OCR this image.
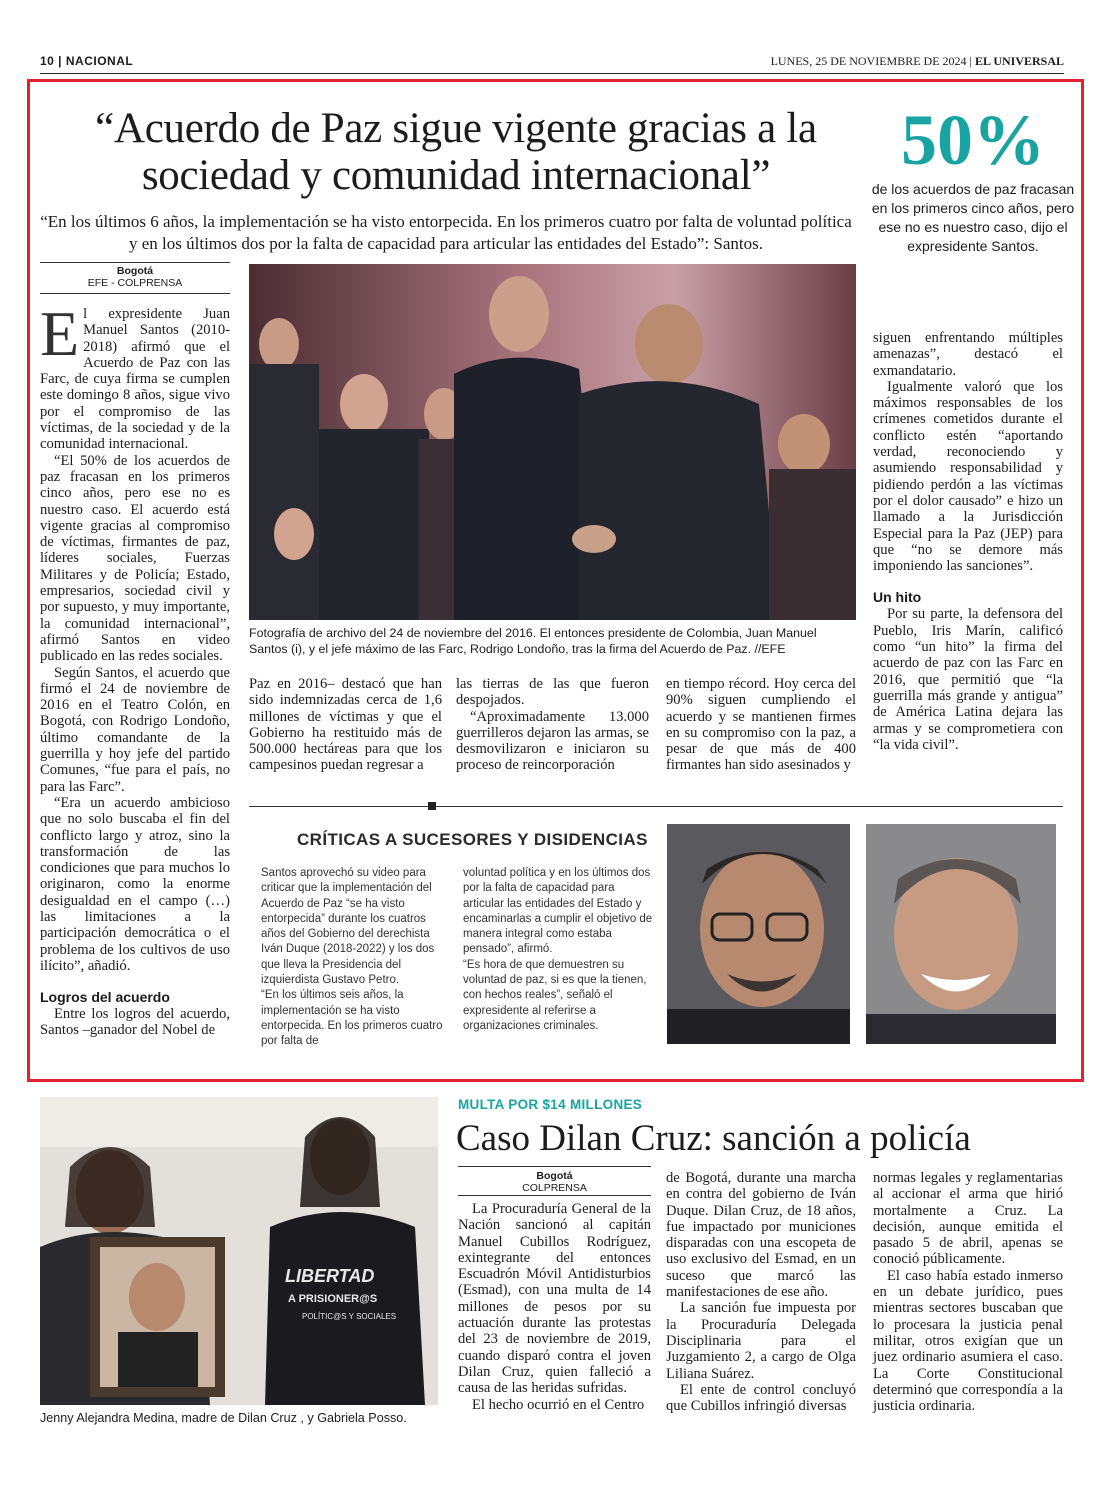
10 | NACIONAL	LUNES, 25 DE NOVIEMBRE DE 2024 | EL UNIVERSAL
“Acuerdo de Paz sigue vigente gracias a la sociedad y comunidad internacional”
“En los últimos 6 años, la implementación se ha visto entorpecida. En los primeros cuatro por falta de voluntad política y en los últimos dos por la falta de capacidad para articular las entidades del Estado”: Santos.
50%
de los acuerdos de paz fracasan en los primeros cinco años, pero ese no es nuestro caso, dijo el expresidente Santos.
Bogotá
EFE - COLPRENSA

El expresidente Juan Manuel Santos (2010-2018) afirmó que el Acuerdo de Paz con las Farc, de cuya firma se cumplen este domingo 8 años, sigue vivo por el compromiso de las víctimas, de la sociedad y de la comunidad internacional.

“El 50% de los acuerdos de paz fracasan en los primeros cinco años, pero ese no es nuestro caso. El acuerdo está vigente gracias al compromiso de víctimas, firmantes de paz, líderes sociales, Fuerzas Militares y de Policía; Estado, empresarios, sociedad civil y por supuesto, y muy importante, la comunidad internacional”, afirmó Santos en video publicado en las redes sociales.

Según Santos, el acuerdo que firmó el 24 de noviembre de 2016 en el Teatro Colón, en Bogotá, con Rodrigo Londoño, último comandante de la guerrilla y hoy jefe del partido Comunes, “fue para el país, no para las Farc”.

“Era un acuerdo ambicioso que no solo buscaba el fin del conflicto largo y atroz, sino la transformación de las condiciones que para muchos lo originaron, como la enorme desigualdad en el campo (…) las limitaciones a la participación democrática o el problema de los cultivos de uso ilícito”, añadió.

Logros del acuerdo

Entre los logros del acuerdo, Santos –ganador del Nobel de

Fotografía de archivo del 24 de noviembre del 2016. El entonces presidente de Colombia, Juan Manuel Santos (i), y el jefe máximo de las Farc, Rodrigo Londoño, tras la firma del Acuerdo de Paz. //EFE

Paz en 2016– destacó que han sido indemnizadas cerca de 1,6 millones de víctimas y que el Gobierno ha restituido más de 500.000 hectáreas para que los campesinos puedan regresar a

las tierras de las que fueron despojados.

“Aproximadamente 13.000 guerrilleros dejaron las armas, se desmovilizaron e iniciaron su proceso de reincorporación

en tiempo récord. Hoy cerca del 90% siguen cumpliendo el acuerdo y se mantienen firmes en su compromiso con la paz, a pesar de que más de 400 firmantes han sido asesinados y

siguen enfrentando múltiples amenazas”, destacó el exmandatario.

Igualmente valoró que los máximos responsables de los crímenes cometidos durante el conflicto estén “aportando verdad, reconociendo y asumiendo responsabilidad y pidiendo perdón a las víctimas por el dolor causado” e hizo un llamado a la Jurisdicción Especial para la Paz (JEP) para que “no se demore más imponiendo las sanciones”.

Un hito

Por su parte, la defensora del Pueblo, Iris Marín, calificó como “un hito” la firma del acuerdo de paz con las Farc en 2016, que permitió que “la guerrilla más grande y antigua” de América Latina dejara las armas y se comprometiera con “la vida civil”.

CRÍTICAS A SUCESORES Y DISIDENCIAS

Santos aprovechó su video para criticar que la implementación del Acuerdo de Paz “se ha visto entorpecida” durante los cuatros años del Gobierno del derechista Iván Duque (2018-2022) y los dos que lleva la Presidencia del izquierdista Gustavo Petro.

“En los últimos seis años, la implementación se ha visto entorpecida. En los primeros cuatro por falta de

voluntad política y en los últimos dos por la falta de capacidad para articular las entidades del Estado y encaminarlas a cumplir el objetivo de manera integral como estaba pensado”, afirmó.

“Es hora de que demuestren su voluntad de paz, si es que la tienen, con hechos reales”, señaló el expresidente al referirse a organizaciones criminales.

LIBERTAD
A PRISIONER@S
POLÍTIC@S Y SOCIALES
Jenny Alejandra Medina, madre de Dilan Cruz , y Gabriela Posso.
MULTA POR $14 MILLONES
Caso Dilan Cruz: sanción a policía
Bogotá
COLPRENSA

La Procuraduría General de la Nación sancionó al capitán Manuel Cubillos Rodríguez, exintegrante del entonces Escuadrón Móvil Antidisturbios (Esmad), con una multa de 14 millones de pesos por su actuación durante las protestas del 23 de noviembre de 2019, cuando disparó contra el joven Dilan Cruz, quien falleció a causa de las heridas sufridas.

El hecho ocurrió en el Centro

de Bogotá, durante una marcha en contra del gobierno de Iván Duque. Dilan Cruz, de 18 años, fue impactado por municiones disparadas con una escopeta de uso exclusivo del Esmad, en un suceso que marcó las manifestaciones de ese año.

La sanción fue impuesta por la Procuraduría Delegada Disciplinaria para el Juzgamiento 2, a cargo de Olga Liliana Suárez.

El ente de control concluyó que Cubillos infringió diversas

normas legales y reglamentarias al accionar el arma que hirió mortalmente a Cruz. La decisión, aunque emitida el pasado 5 de abril, apenas se conoció públicamente.

El caso había estado inmerso en un debate jurídico, pues mientras sectores buscaban que lo procesara la justicia penal militar, otros exigían que un juez ordinario asumiera el caso. La Corte Constitucional determinó que correspondía a la justicia ordinaria.
